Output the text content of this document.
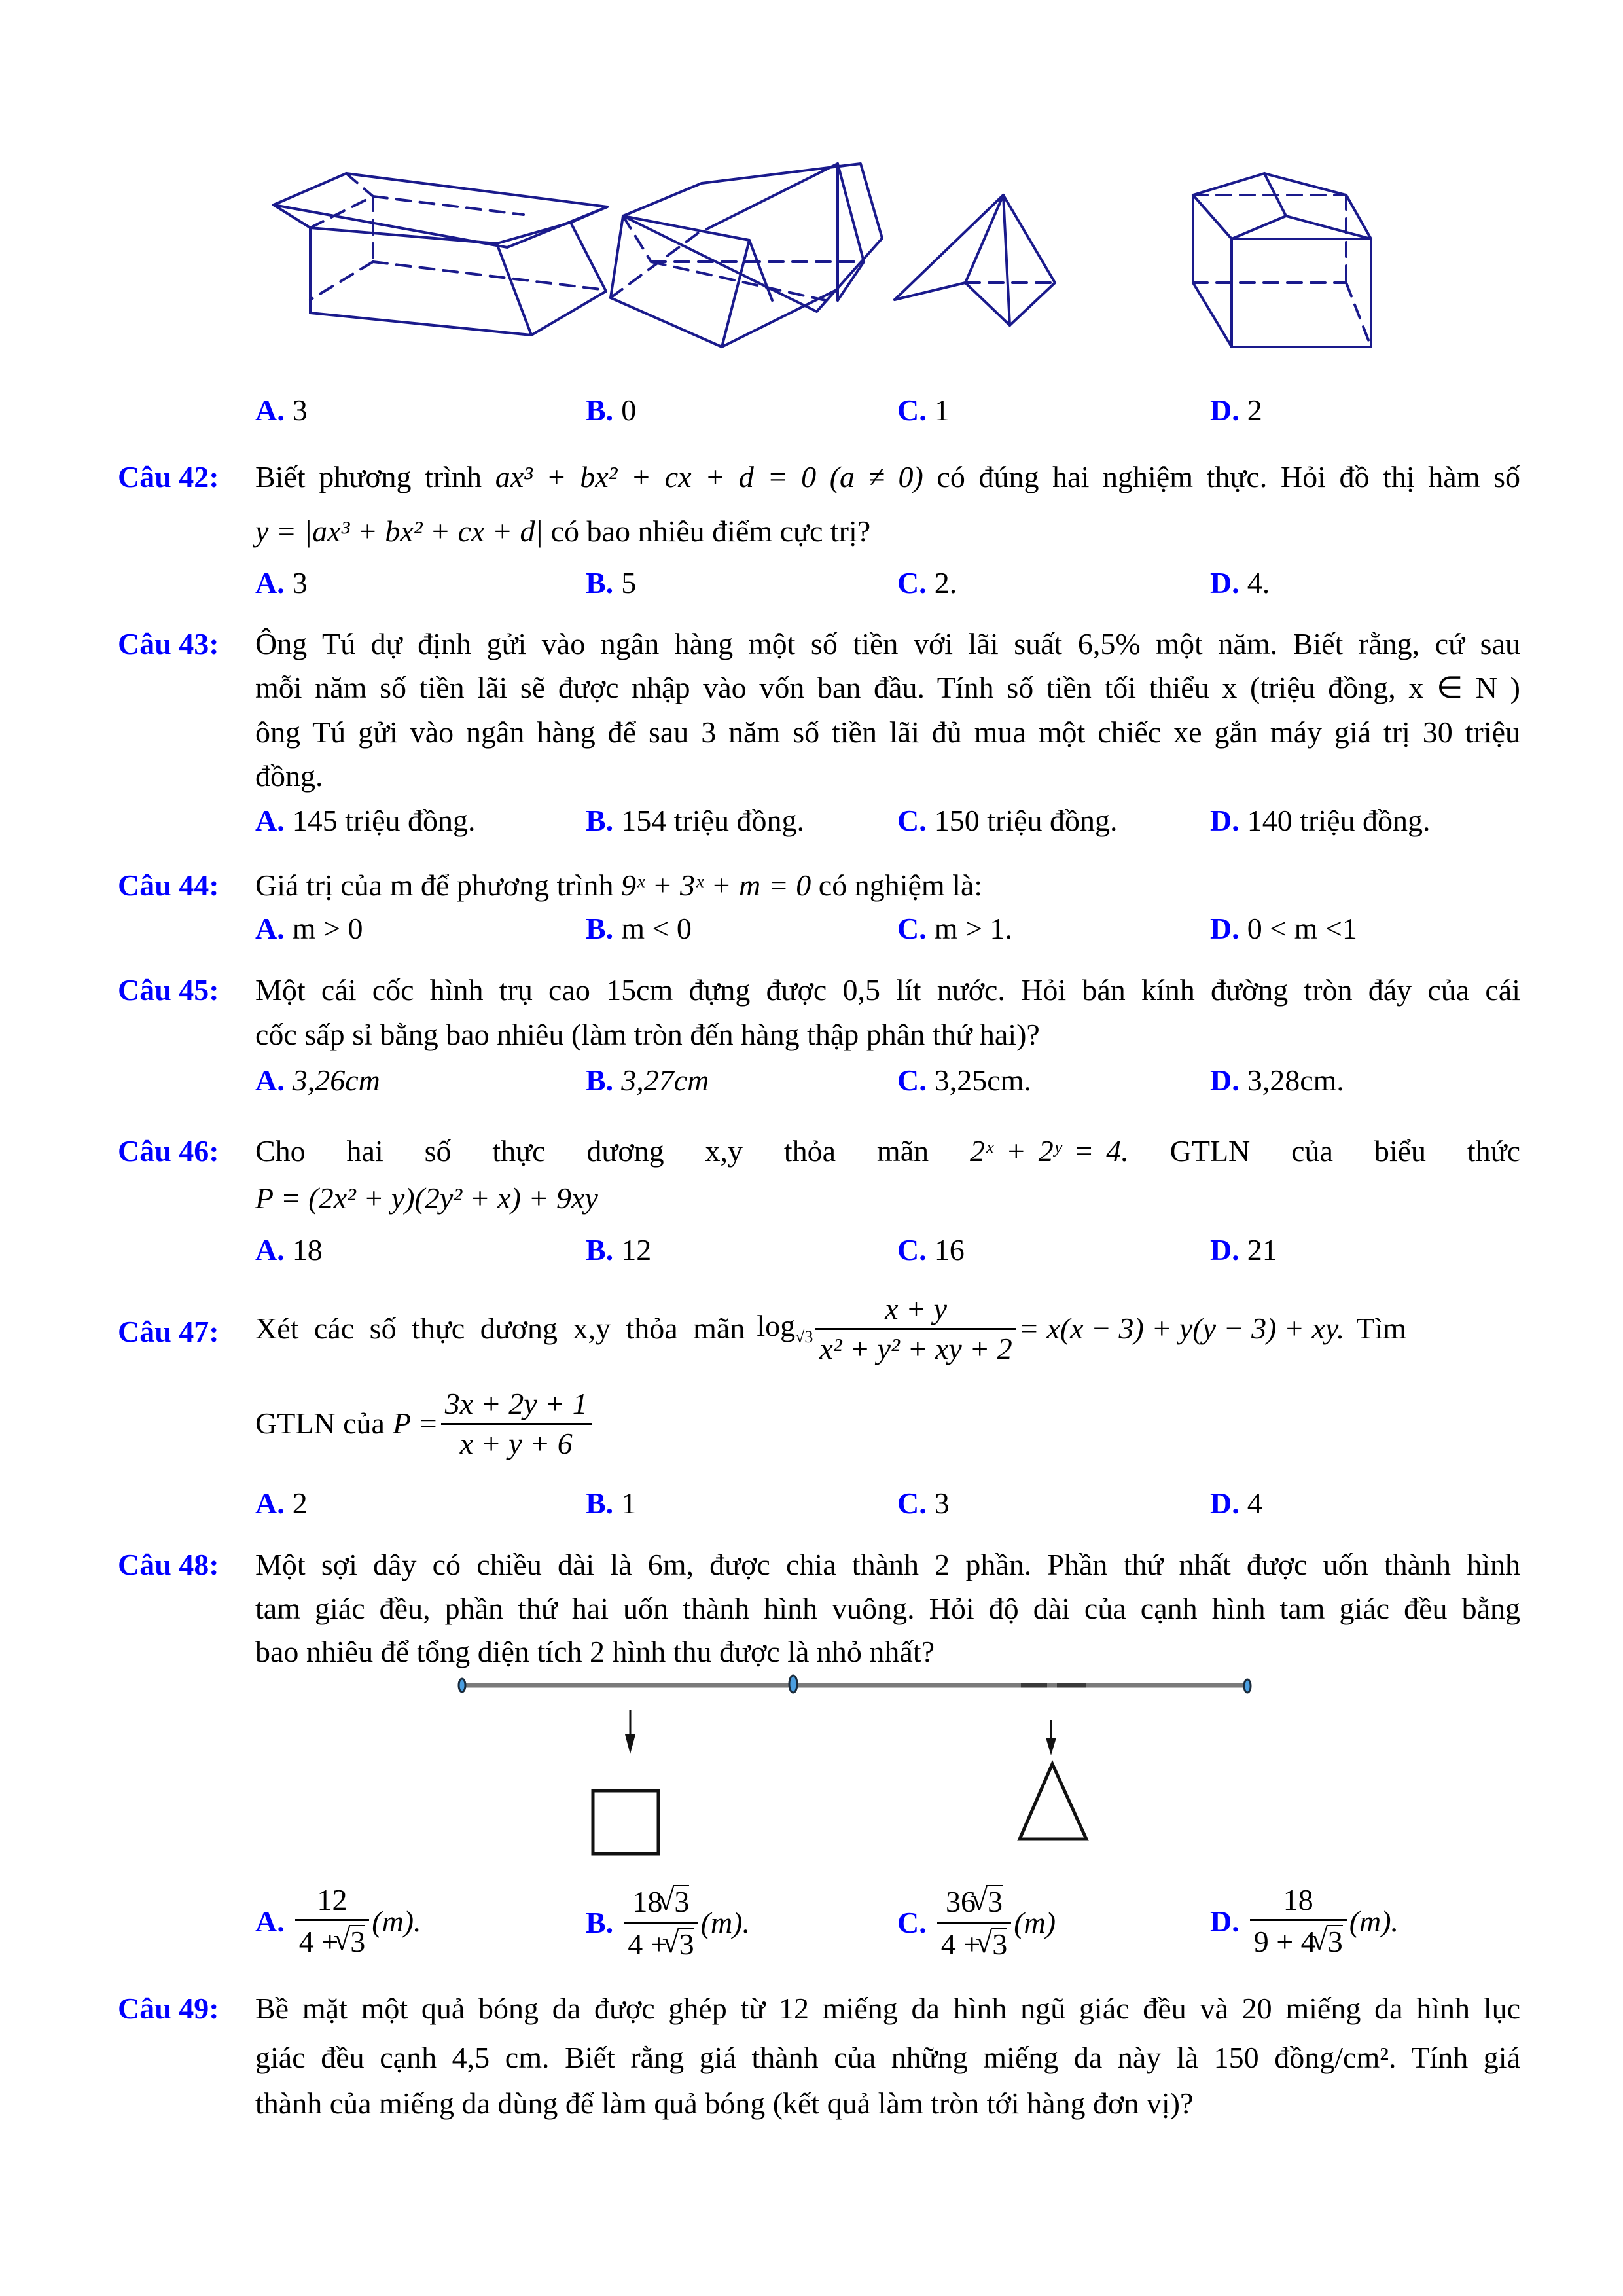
A. 3	B. 0	C. 1	D. 2
Câu 42: Biết phương trình ax³ + bx² + cx + d = 0 (a ≠ 0) có đúng hai nghiệm thực. Hỏi đồ thị hàm số
y = |ax³ + bx² + cx + d| có bao nhiêu điểm cực trị?
A. 3	B. 5	C. 2.	D. 4.
Câu 43: Ông Tú dự định gửi vào ngân hàng một số tiền với lãi suất 6,5% một năm. Biết rằng, cứ sau
mỗi năm số tiền lãi sẽ được nhập vào vốn ban đầu. Tính số tiền tối thiểu x (triệu đồng, x ∈ N )
ông Tú gửi vào ngân hàng để sau 3 năm số tiền lãi đủ mua một chiếc xe gắn máy giá trị 30 triệu
đồng.
A. 145 triệu đồng.	B. 154 triệu đồng.	C. 150 triệu đồng.	D. 140 triệu đồng.
Câu 44: Giá trị của m để phương trình 9ˣ + 3ˣ + m = 0 có nghiệm là:
A. m > 0	B. m < 0	C. m > 1.	D. 0 < m <1
Câu 45: Một cái cốc hình trụ cao 15cm đựng được 0,5 lít nước. Hỏi bán kính đường tròn đáy của cái
cốc sấp sỉ bằng bao nhiêu (làm tròn đến hàng thập phân thứ hai)?
A. 3,26cm	B. 3,27cm	C. 3,25cm.	D. 3,28cm.
Câu 46: Cho hai số thực dương x,y thỏa mãn 2ˣ + 2ʸ = 4. GTLN của biểu thức
P = (2x² + y)(2y² + x) + 9xy
A. 18	B. 12	C. 16	D. 21
Câu 47: Xét các số thực dương x,y thỏa mãn $\log_{√3} \frac{x + y}{\text{x² + y² + xy + 2}} = x(x - 3) + y(y - 3)$ + xy. Tìm
GTLN của $P = \frac{3x + 2y + 1}{x + y + 6}$
A. 2	B. 1	C. 3	D. 4
Câu 48: Một sợi dây có chiều dài là 6m, được chia thành 2 phần. Phần thứ nhất được uốn thành hình
tam giác đều, phần thứ hai uốn thành hình vuông. Hỏi độ dài của cạnh hình tam giác đều bằng
bao nhiêu để tổng diện tích 2 hình thu được là nhỏ nhất?
A. $\frac{12}{4 + √ 3} (m)$.	B. $\frac{18 √ 3}{4 + √ 3} (m)$.	C. $\frac{36 √ 3}{4 + √ 3} (m)$	D. $\frac{18}{9 + 4 √ 3} (m)$.
Câu 49: Bề mặt một quả bóng da được ghép từ 12 miếng da hình ngũ giác đều và 20 miếng da hình lục
giác đều cạnh 4,5 cm. Biết rằng giá thành của những miếng da này là 150 đồng/cm². Tính giá
thành của miếng da dùng để làm quả bóng (kết quả làm tròn tới hàng đơn vị)?
